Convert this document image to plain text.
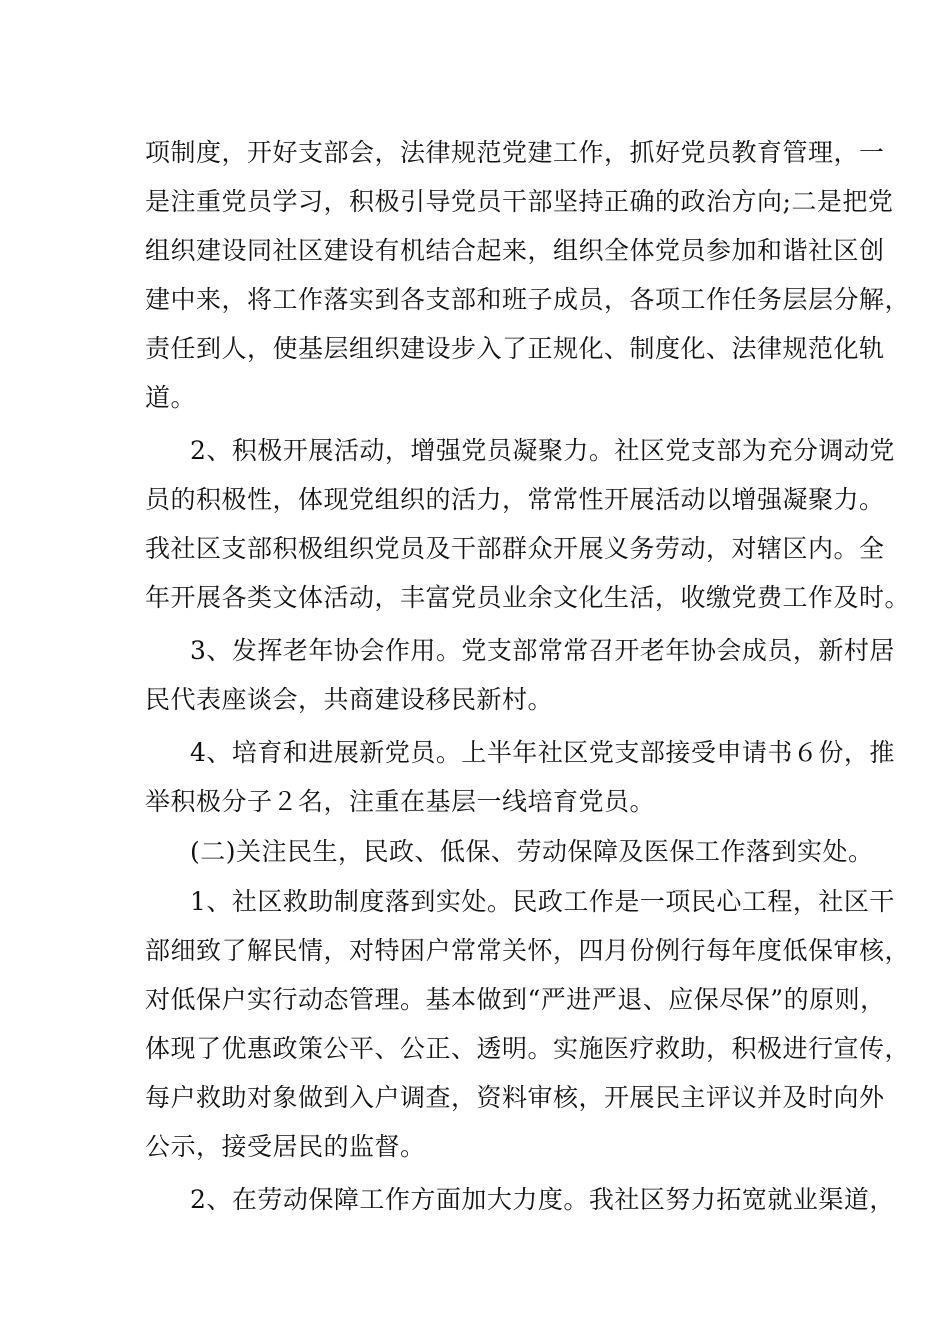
项制度，开好支部会，法律规范党建工作，抓好党员教育管理，一
是注重党员学习，积极引导党员干部坚持正确的政治方向;二是把党
组织建设同社区建设有机结合起来，组织全体党员参加和谐社区创
建中来，将工作落实到各支部和班子成员，各项工作任务层层分解，
责任到人，使基层组织建设步入了正规化、制度化、法律规范化轨
道。
2、积极开展活动，增强党员凝聚力。社区党支部为充分调动党
员的积极性，体现党组织的活力，常常性开展活动以增强凝聚力。
我社区支部积极组织党员及干部群众开展义务劳动，对辖区内。全
年开展各类文体活动，丰富党员业余文化生活，收缴党费工作及时。
3、发挥老年协会作用。党支部常常召开老年协会成员，新村居
民代表座谈会，共商建设移民新村。
4、培育和进展新党员。上半年社区党支部接受申请书６份，推
举积极分子２名，注重在基层一线培育党员。
(二)关注民生，民政、低保、劳动保障及医保工作落到实处。
1、社区救助制度落到实处。民政工作是一项民心工程，社区干
部细致了解民情，对特困户常常关怀，四月份例行每年度低保审核，
对低保户实行动态管理。基本做到“严进严退、应保尽保”的原则，
体现了优惠政策公平、公正、透明。实施医疗救助，积极进行宣传，
每户救助对象做到入户调查，资料审核，开展民主评议并及时向外
公示，接受居民的监督。
2、在劳动保障工作方面加大力度。我社区努力拓宽就业渠道，
